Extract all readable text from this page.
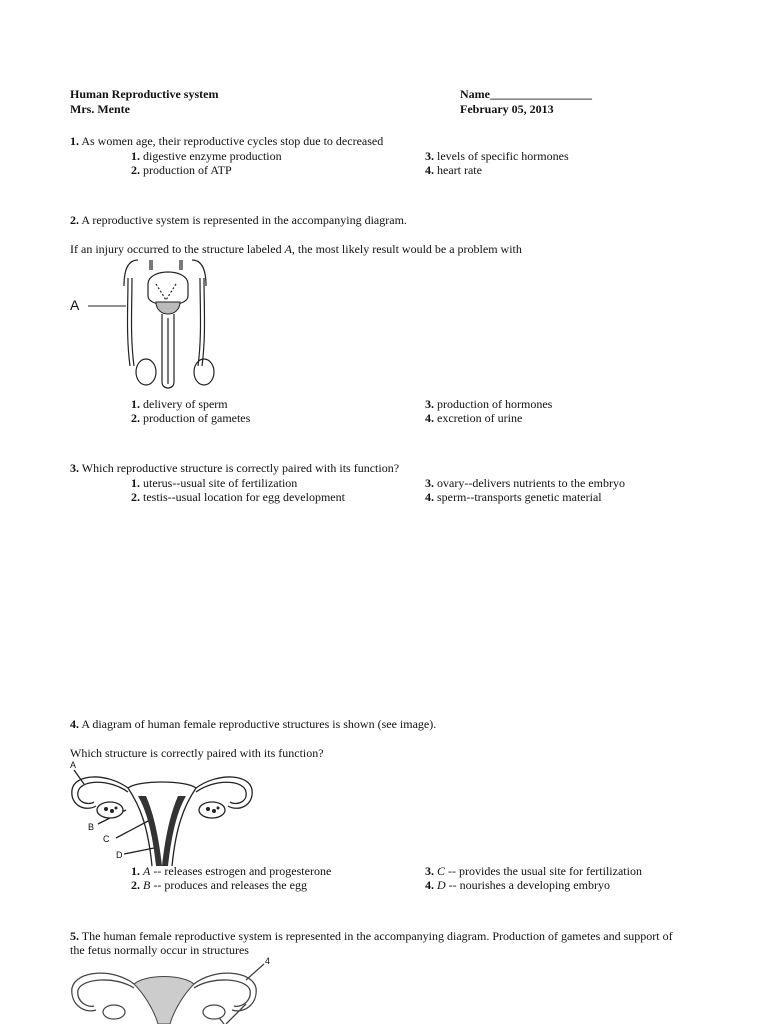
Human Reproductive system
Mrs. Mente
Name_________________
February 05, 2013
1. As women age, their reproductive cycles stop due to decreased
1. digestive enzyme production
2. production of ATP
3. levels of specific hormones
4. heart rate
2. A reproductive system is represented in the accompanying diagram.
If an injury occurred to the structure labeled A, the most likely result would be a problem with
A
1. delivery of sperm
2. production of gametes
3. production of hormones
4. excretion of urine
3. Which reproductive structure is correctly paired with its function?
1. uterus--usual site of fertilization
2. testis--usual location for egg development
3. ovary--delivers nutrients to the embryo
4. sperm--transports genetic material
4. A diagram of human female reproductive structures is shown (see image).
Which structure is correctly paired with its function?
A
B
C
D
1. A -- releases estrogen and progesterone
2. B -- produces and releases the egg
3. C -- provides the usual site for fertilization
4. D -- nourishes a developing embryo
5. The human female reproductive system is represented in the accompanying diagram. Production of gametes and support of
the fetus normally occur in structures
4
